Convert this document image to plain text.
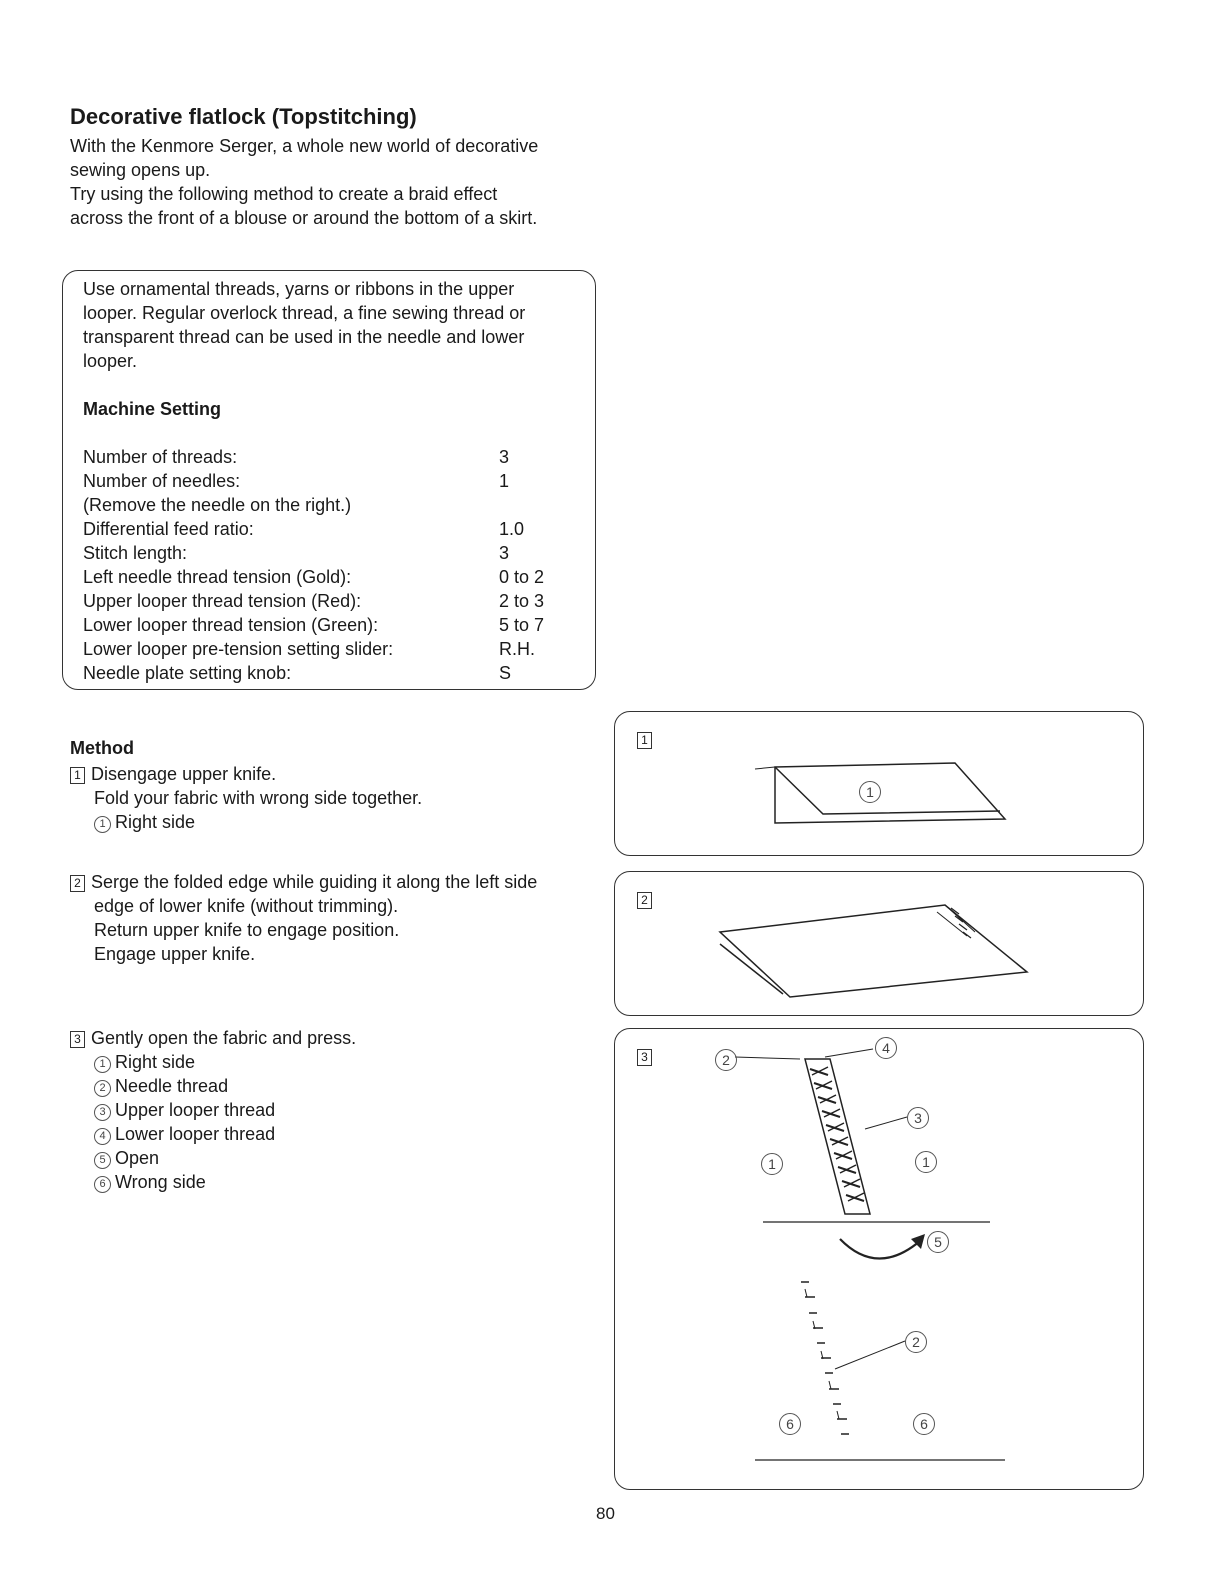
Decorative flatlock (Topstitching)

With the Kenmore Serger, a whole new world of decorative

sewing opens up.

Try using the following method to create a braid effect

across the front of a blouse or around the bottom of a skirt.

Use ornamental threads, yarns or ribbons in the upper
looper. Regular overlock thread, a fine sewing thread or
transparent thread can be used in the needle and lower
looper.
Machine Setting
Number of threads:	3
Number of needles:	1
(Remove the needle on the right.)
Differential feed ratio:	1.0
Stitch length:	3
Left needle thread tension (Gold):	0 to 2
Upper looper thread tension (Red):	2 to 3
Lower looper thread tension (Green):	5 to 7
Lower looper pre-tension setting slider:	R.H.
Needle plate setting knob:	S
Method
1 Disengage upper knife.
Fold your fabric with wrong side together.
1 Right side
2 Serge the folded edge while guiding it along the left side
edge of lower knife (without trimming).
Return upper knife to engage position.
Engage upper knife.
3 Gently open the fabric and press.
1 Right side
2 Needle thread
3 Upper looper thread
4 Lower looper thread
5 Open
6 Wrong side
1
1
2
3	2
4
3
1	1
5
2
6	6
80
